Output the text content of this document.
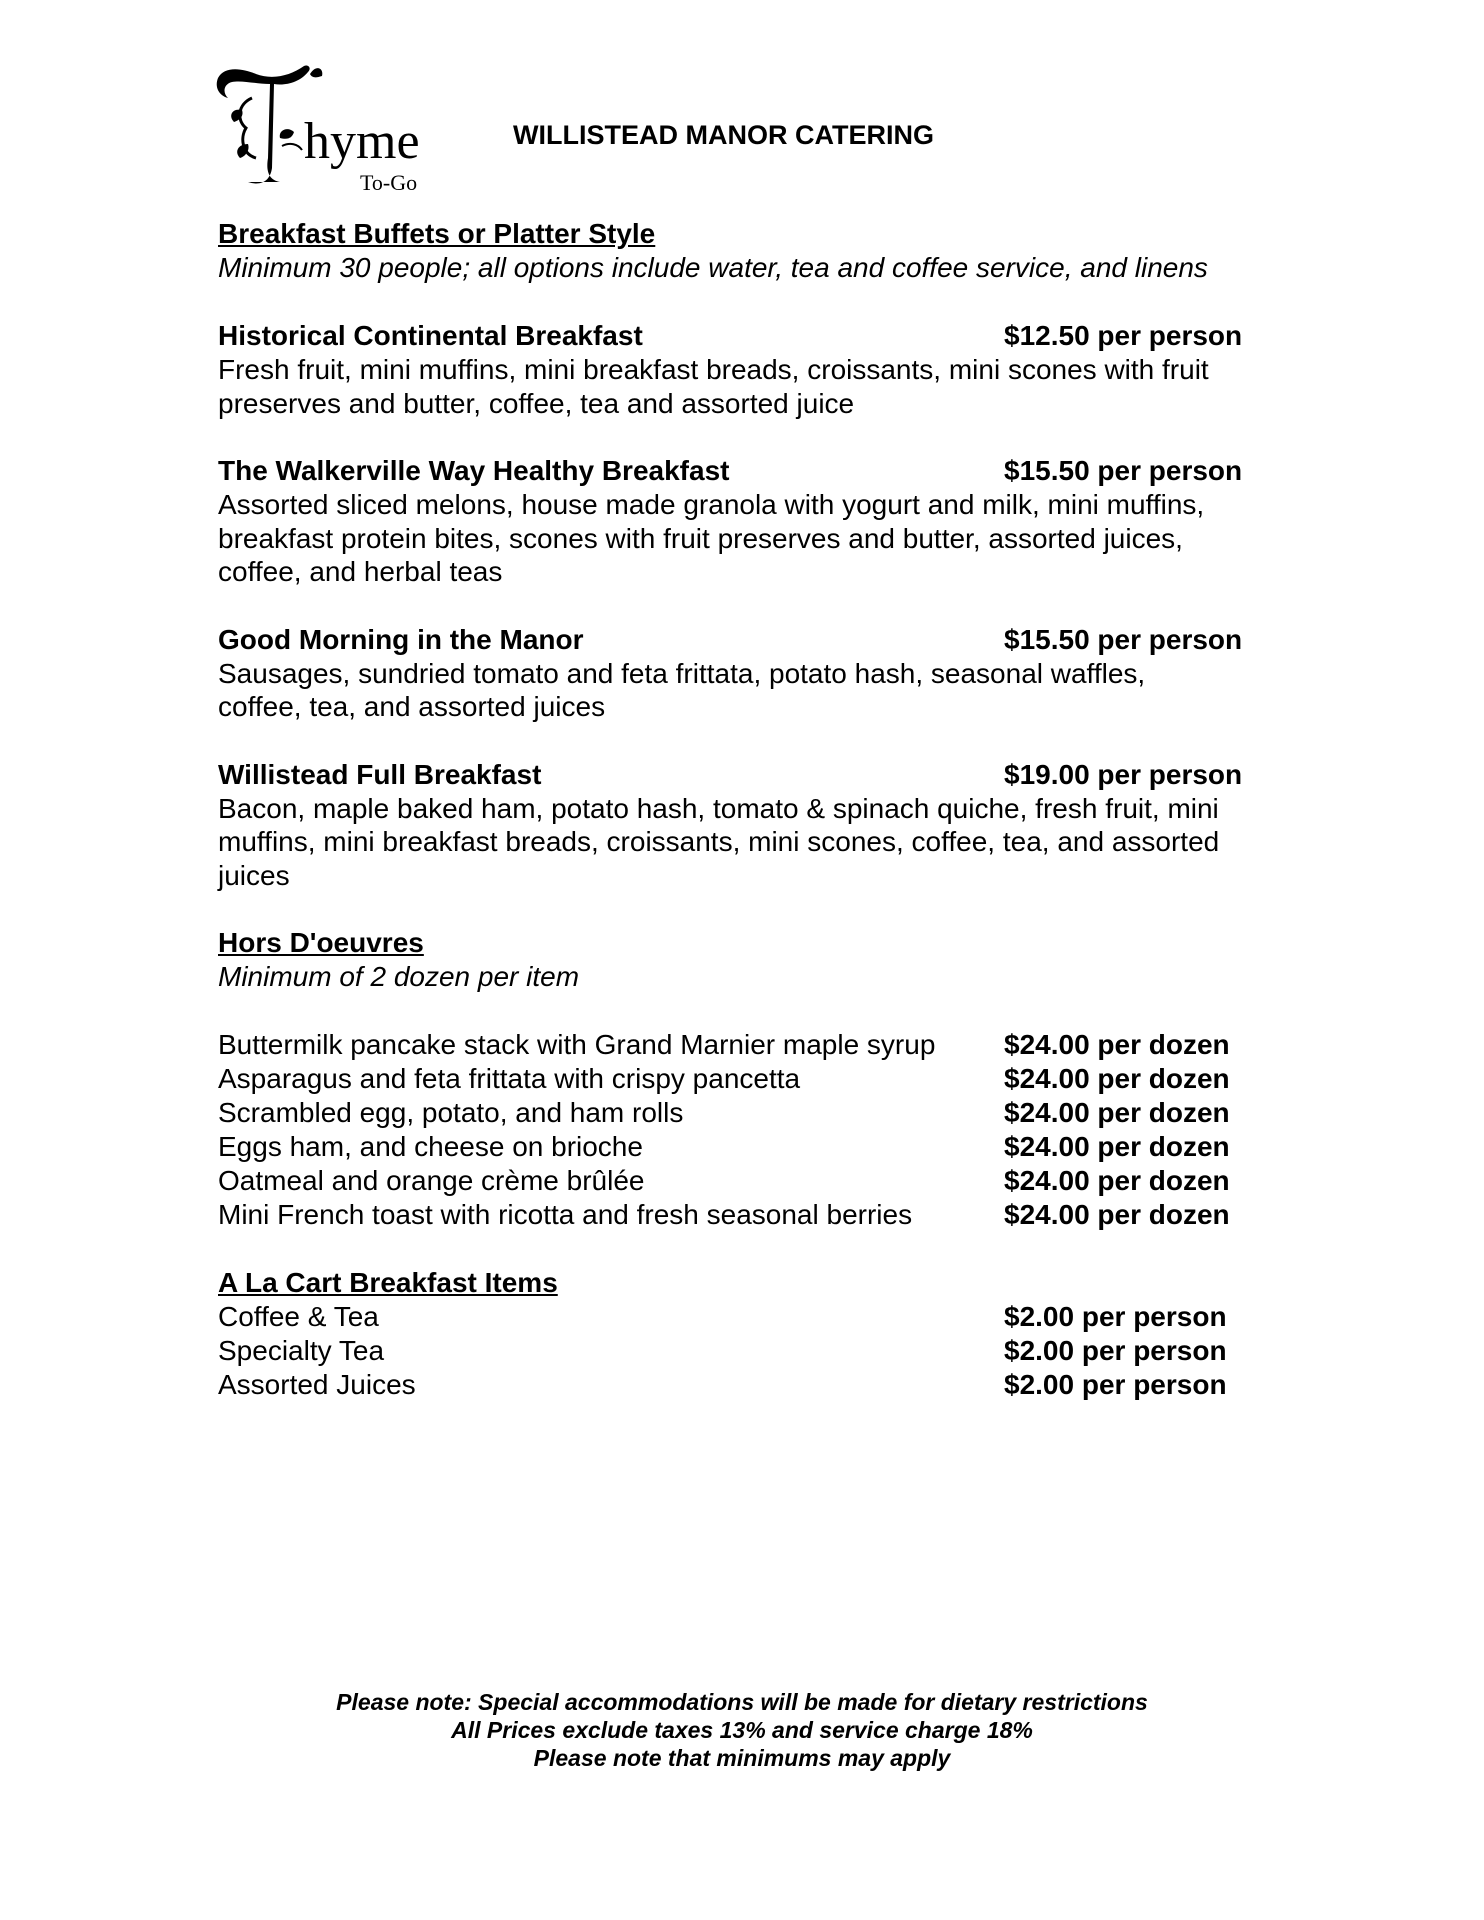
hyme
To-Go
WILLISTEAD MANOR CATERING
Breakfast Buffets or Platter Style
Minimum 30 people; all options include water, tea and coffee service, and linens
Historical Continental Breakfast	$12.50 per person
Fresh fruit, mini muffins, mini breakfast breads, croissants, mini scones with fruit preserves and butter, coffee, tea and assorted juice
The Walkerville Way Healthy Breakfast	$15.50 per person
Assorted sliced melons, house made granola with yogurt and milk, mini muffins, breakfast protein bites, scones with fruit preserves and butter, assorted juices, coffee, and herbal teas
Good Morning in the Manor	$15.50 per person
Sausages, sundried tomato and feta frittata, potato hash, seasonal waffles, coffee, tea, and assorted juices
Willistead Full Breakfast	$19.00 per person
Bacon, maple baked ham, potato hash, tomato & spinach quiche, fresh fruit, mini muffins, mini breakfast breads, croissants, mini scones, coffee, tea, and assorted juices
Hors D'oeuvres
Minimum of 2 dozen per item
Buttermilk pancake stack with Grand Marnier maple syrup $24.00 per dozen
Asparagus and feta frittata with crispy pancetta	$24.00 per dozen
Scrambled egg, potato, and ham rolls	$24.00 per dozen
Eggs ham, and cheese on brioche	$24.00 per dozen
Oatmeal and orange crème brûlée	$24.00 per dozen
Mini French toast with ricotta and fresh seasonal berries	$24.00 per dozen
A La Cart Breakfast Items
Coffee & Tea	$2.00 per person
Specialty Tea	$2.00 per person
Assorted Juices	$2.00 per person
Please note: Special accommodations will be made for dietary restrictions
All Prices exclude taxes 13% and service charge 18%
Please note that minimums may apply
